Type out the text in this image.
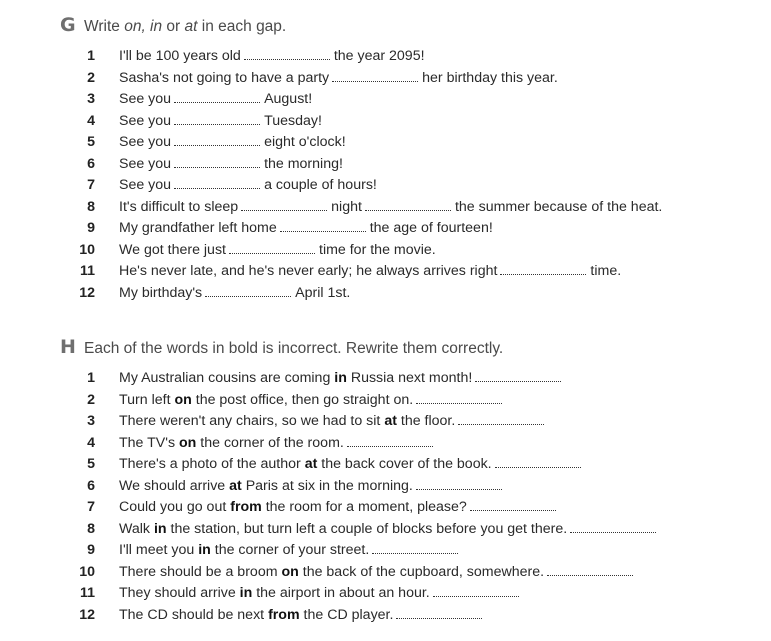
G Write on, in or at in each gap.
1 I'll be 100 years old	the year 2095!
2 Sasha's not going to have a party	her birthday this year.
3 See you	August!
4 See you	Tuesday!
5 See you	eight o'clock!
6 See you	the morning!
7 See you	a couple of hours!
8 It's difficult to sleep	night	the summer because of the heat.
9 My grandfather left home	the age of fourteen!
10 We got there just	time for the movie.
11 He's never late, and he's never early; he always arrives right	time.
12 My birthday's	April 1st.
H Each of the words in bold is incorrect. Rewrite them correctly.
1 My Australian cousins are coming in Russia next month!
2 Turn left on the post office, then go straight on.
3 There weren't any chairs, so we had to sit at the floor.
4 The TV's on the corner of the room.
5 There's a photo of the author at the back cover of the book.
6 We should arrive at Paris at six in the morning.
7 Could you go out from the room for a moment, please?
8 Walk in the station, but turn left a couple of blocks before you get there.
9 I'll meet you in the corner of your street.
10 There should be a broom on the back of the cupboard, somewhere.
11 They should arrive in the airport in about an hour.
12 The CD should be next from the CD player.
